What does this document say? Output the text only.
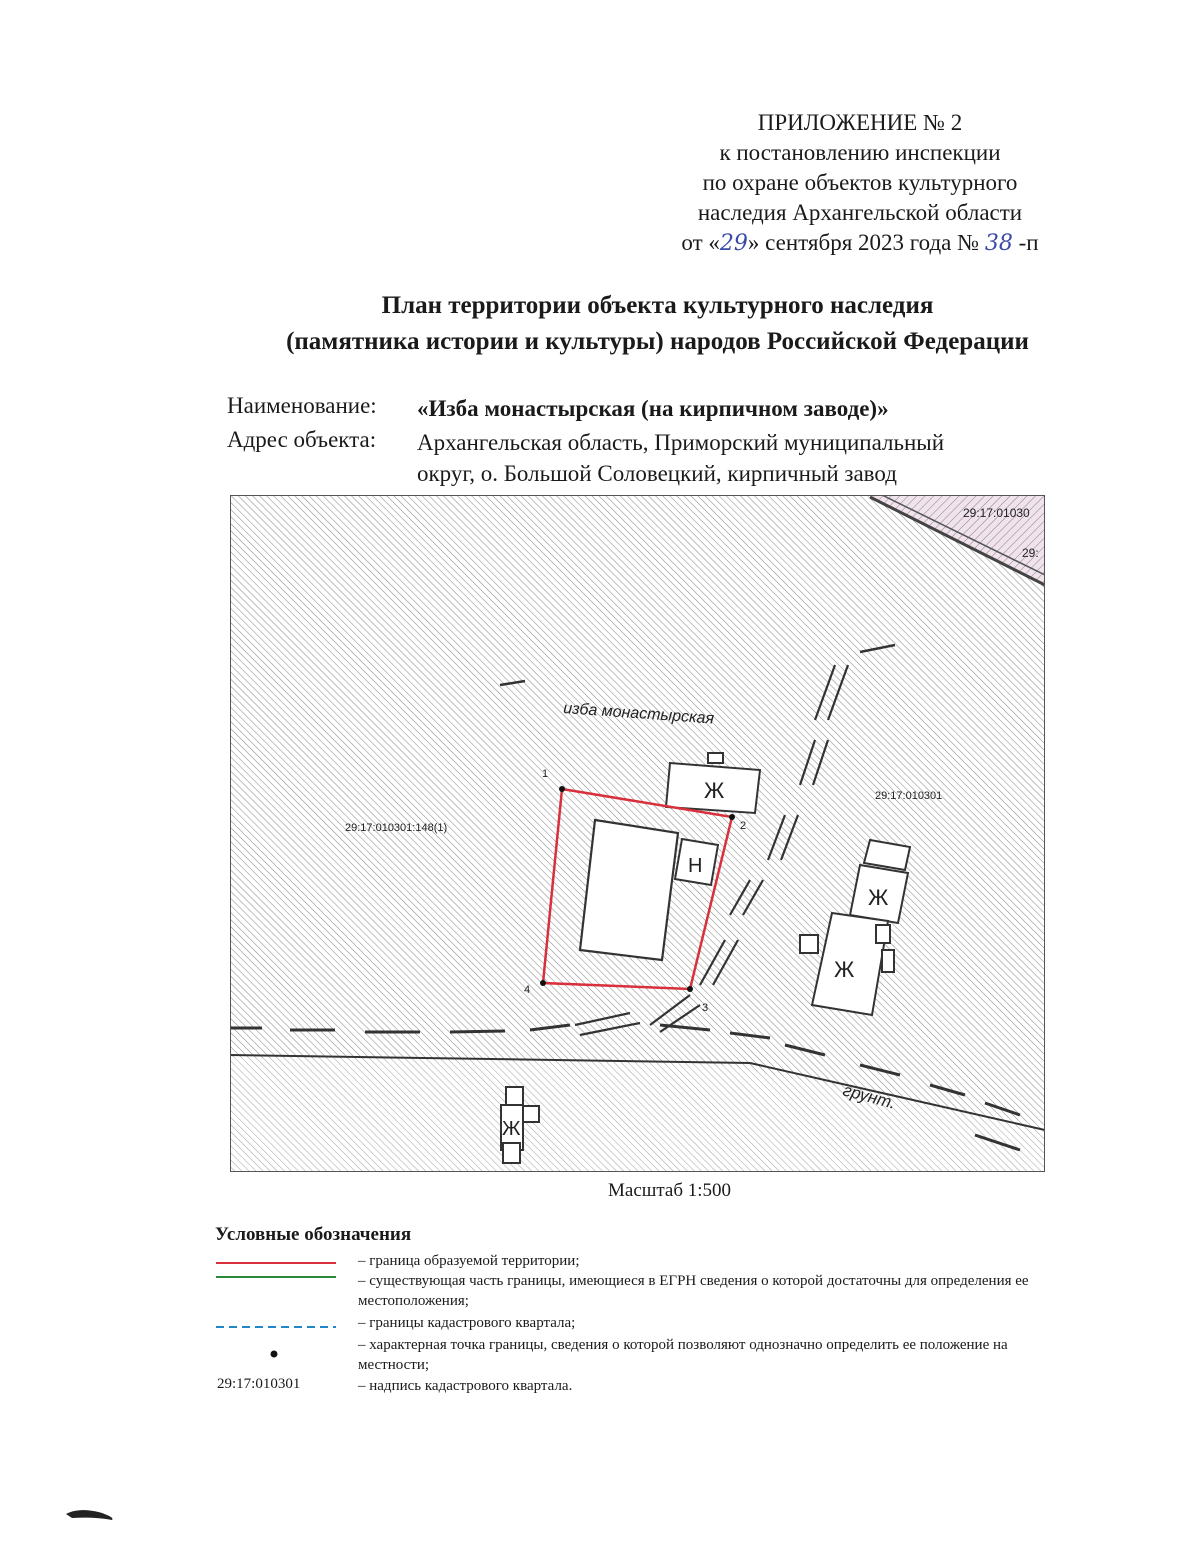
ПРИЛОЖЕНИЕ № 2
к постановлению инспекции
по охране объектов культурного
наследия Архангельской области
от «29» сентября 2023 года № 38 -п
План территории объекта культурного наследия
(памятника истории и культуры) народов Российской Федерации
Наименование: «Изба монастырская (на кирпичном заводе)»
Адрес объекта: Архангельская область, Приморский муниципальный
округ, о. Большой Соловецкий, кирпичный завод
29:17:01030
29:
грунт.
изба монастырская
29:17:010301:148(1)
29:17:010301
Ж
1
2
3
4
Н
Ж
Ж
Ж
Масштаб 1:500
Условные обозначения
– граница образуемой территории;
– существующая часть границы, имеющиеся в ЕГРН сведения о которой достаточны для определения ее местоположения;
– границы кадастрового квартала;
– характерная точка границы, сведения о которой позволяют однозначно определить ее положение на местности;
29:17:010301	– надпись кадастрового квартала.
